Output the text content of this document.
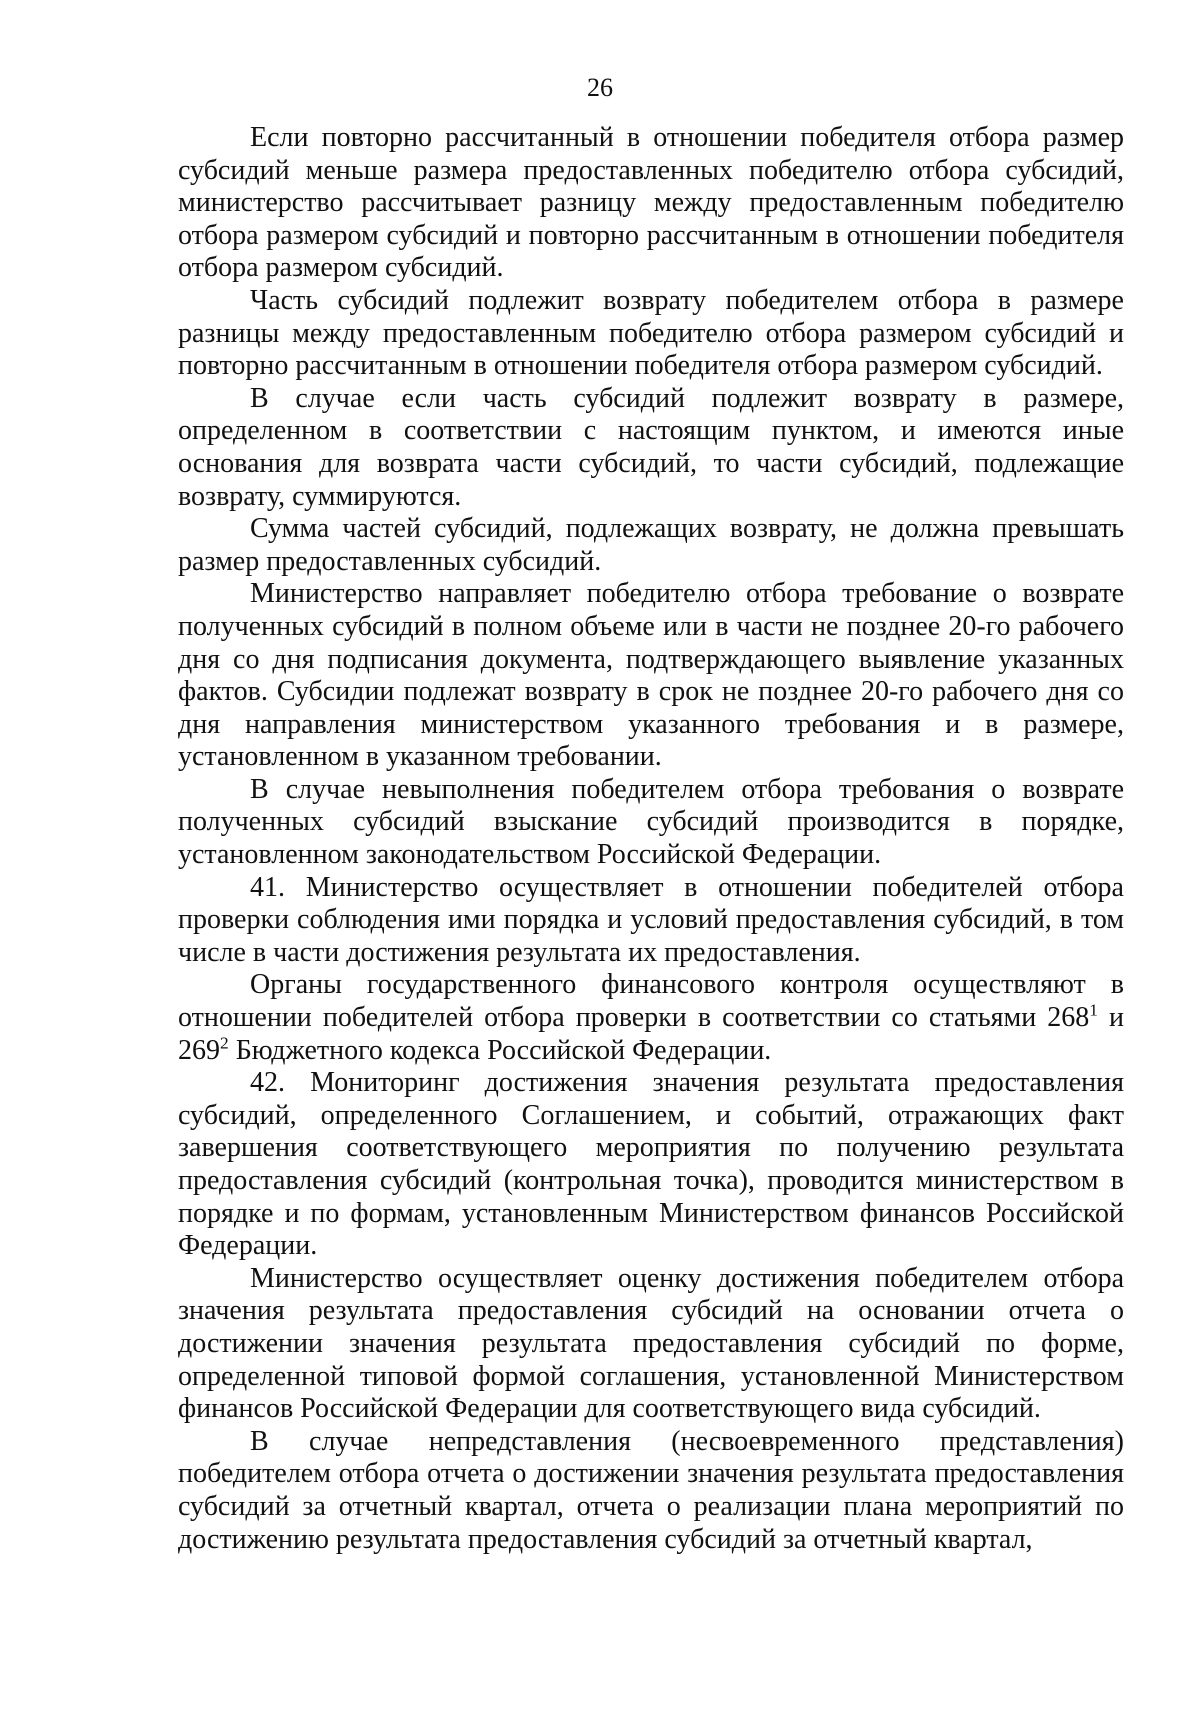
26

Если повторно рассчитанный в отношении победителя отбора размер субсидий меньше размера предоставленных победителю отбора субсидий, министерство рассчитывает разницу между предоставленным победителю отбора размером субсидий и повторно рассчитанным в отношении победителя отбора размером субсидий.

Часть субсидий подлежит возврату победителем отбора в размере разницы между предоставленным победителю отбора размером субсидий и повторно рассчитанным в отношении победителя отбора размером субсидий.

В случае если часть субсидий подлежит возврату в размере, определенном в соответствии с настоящим пунктом, и имеются иные основания для возврата части субсидий, то части субсидий, подлежащие возврату, суммируются.

Сумма частей субсидий, подлежащих возврату, не должна превышать размер предоставленных субсидий.

Министерство направляет победителю отбора требование о возврате полученных субсидий в полном объеме или в части не позднее 20-го рабочего дня со дня подписания документа, подтверждающего выявление указанных фактов. Субсидии подлежат возврату в срок не позднее 20-го рабочего дня со дня направления министерством указанного требования и в размере, установленном в указанном требовании.

В случае невыполнения победителем отбора требования о возврате полученных субсидий взыскание субсидий производится в порядке, установленном законодательством Российской Федерации.

41. Министерство осуществляет в отношении победителей отбора проверки соблюдения ими порядка и условий предоставления субсидий, в том числе в части достижения результата их предоставления.

Органы государственного финансового контроля осуществляют в отношении победителей отбора проверки в соответствии со статьями $268^1$ и $269^2$ Бюджетного кодекса Российской Федерации.

42. Мониторинг достижения значения результата предоставления субсидий, определенного Соглашением, и событий, отражающих факт завершения соответствующего мероприятия по получению результата предоставления субсидий (контрольная точка), проводится министерством в порядке и по формам, установленным Министерством финансов Российской Федерации.

Министерство осуществляет оценку достижения победителем отбора значения результата предоставления субсидий на основании отчета о достижении значения результата предоставления субсидий по форме, определенной типовой формой соглашения, установленной Министерством финансов Российской Федерации для соответствующего вида субсидий.

В случае непредставления (несвоевременного представления) победителем отбора отчета о достижении значения результата предоставления субсидий за отчетный квартал, отчета о реализации плана мероприятий по достижению результата предоставления субсидий за отчетный квартал,
